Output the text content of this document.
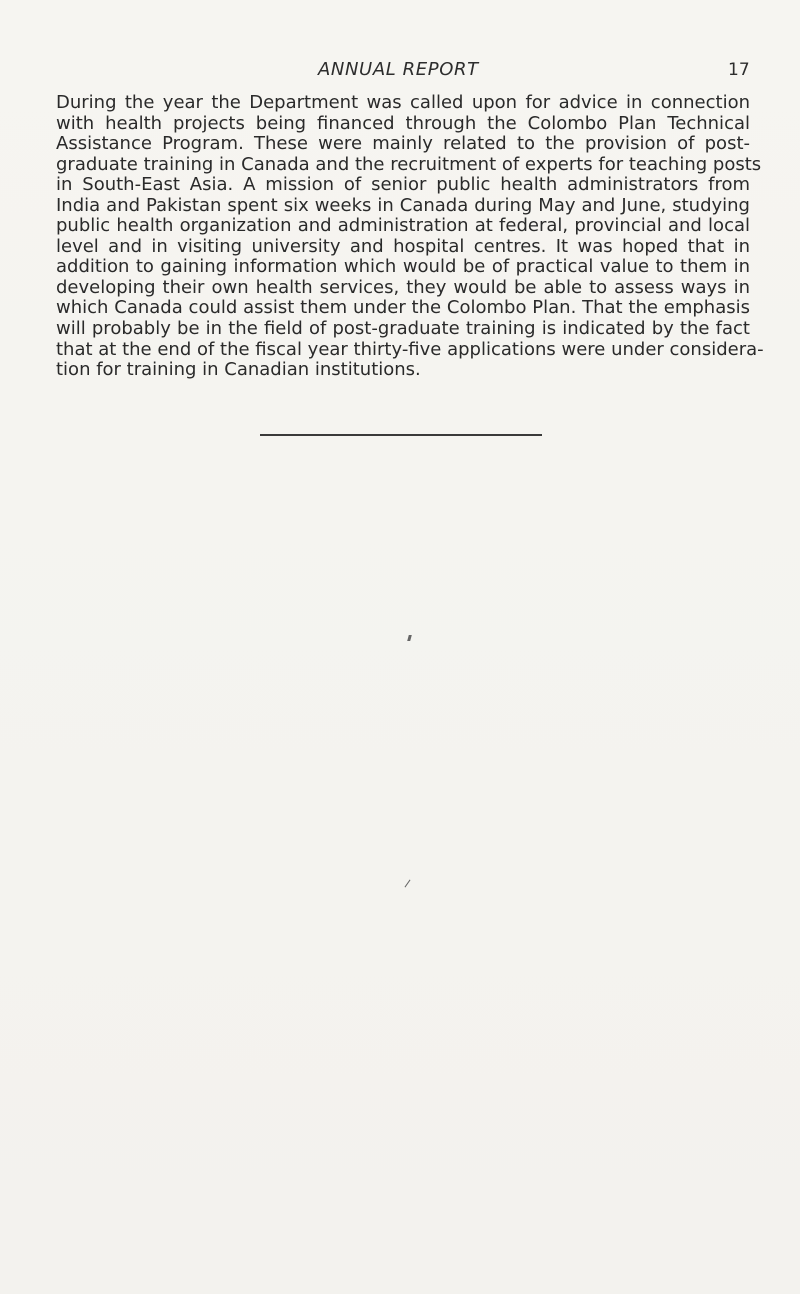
ANNUAL REPORT	17

During the year the Department was called upon for advice in connection
with health projects being financed through the Colombo Plan Technical
Assistance Program. These were mainly related to the provision of post-
graduate training in Canada and the recruitment of experts for teaching posts
in South-East Asia. A mission of senior public health administrators from
India and Pakistan spent six weeks in Canada during May and June, studying
public health organization and administration at federal, provincial and local
level and in visiting university and hospital centres. It was hoped that in
addition to gaining information which would be of practical value to them in
developing their own health services, they would be able to assess ways in
which Canada could assist them under the Colombo Plan. That the emphasis
will probably be in the field of post-graduate training is indicated by the fact
that at the end of the fiscal year thirty-five applications were under considera-
tion for training in Canadian institutions.
